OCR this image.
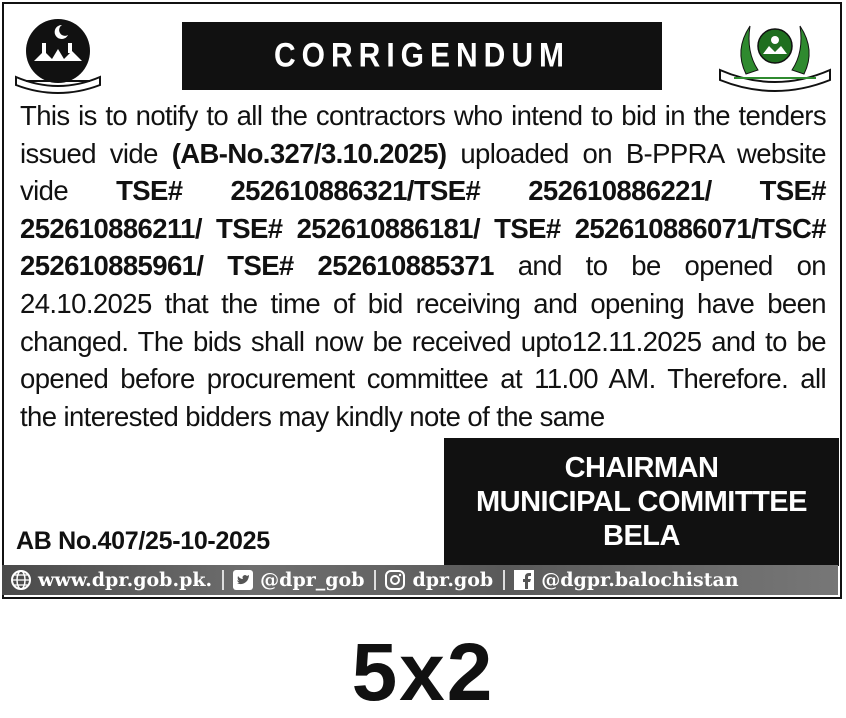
CORRIGENDUM

This is to notify to all the contractors who intend to bid in the tenders issued vide (AB-No.327/3.10.2025) uploaded on B-PPRA website vide TSE# 252610886321/TSE# 252610886221/ TSE# 252610886211/ TSE# 252610886181/ TSE# 252610886071/TSC# 252610885961/ TSE# 252610885371 and to be opened on 24.10.2025 that the time of bid receiving and opening have been changed. The bids shall now be received upto12.11.2025 and to be opened before procurement committee at 11.00 AM. Therefore. all the interested bidders may kindly note of the same

CHAIRMAN
MUNICIPAL COMMITTEE
BELA
AB No.407/25-10-2025
www.dpr.gob.pk.	@dpr_gob	dpr.gob	@dgpr.balochistan
5x2
